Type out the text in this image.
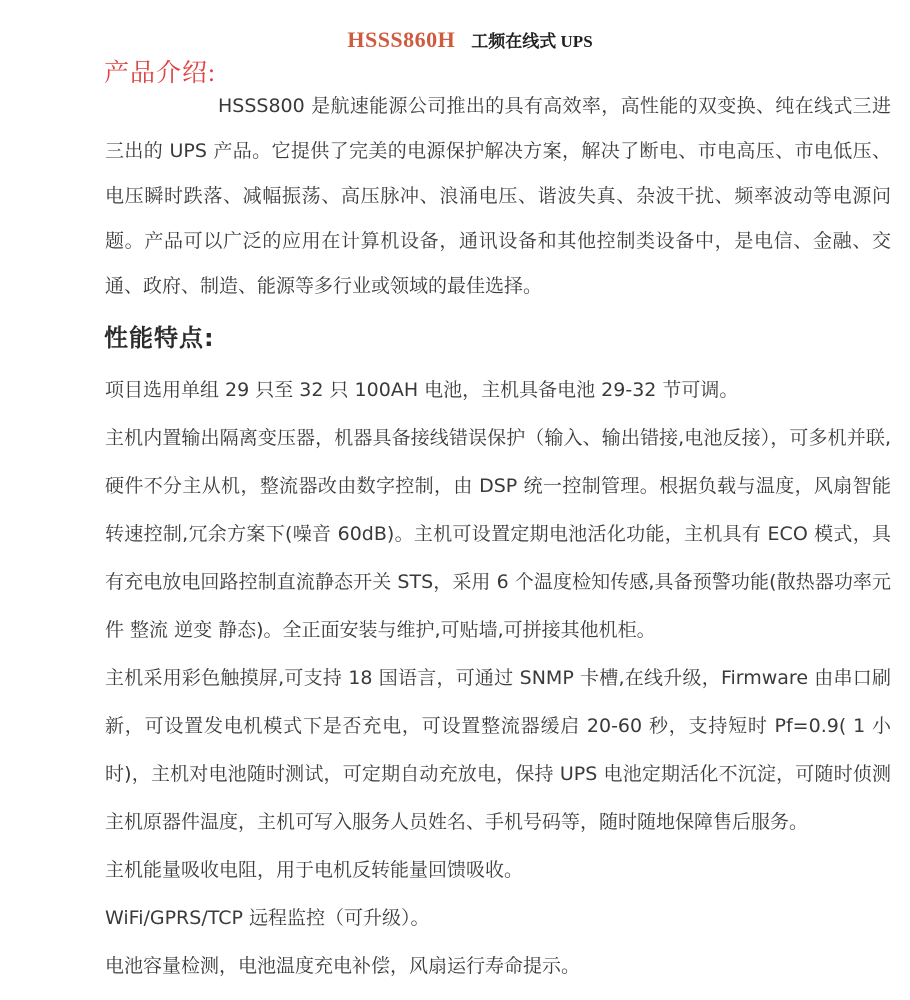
HSSS860H 工频在线式 UPS
产品介绍:

HSSS800 是航速能源公司推出的具有高效率，高性能的双变换、纯在线式三进三出的 UPS 产品。它提供了完美的电源保护解决方案，解决了断电、市电高压、市电低压、电压瞬时跌落、减幅振荡、高压脉冲、浪涌电压、谐波失真、杂波干扰、频率波动等电源问题。产品可以广泛的应用在计算机设备，通讯设备和其他控制类设备中，是电信、金融、交通、政府、制造、能源等多行业或领域的最佳选择。

性能特点:

项目选用单组 29 只至 32 只 100AH 电池，主机具备电池 29-32 节可调。

主机内置输出隔离变压器，机器具备接线错误保护（输入、输出错接,电池反接），可多机并联,硬件不分主从机，整流器改由数字控制，由 DSP 统一控制管理。根据负载与温度，风扇智能转速控制,冗余方案下(噪音 60dB)。主机可设置定期电池活化功能，主机具有 ECO 模式，具有充电放电回路控制直流静态开关 STS，采用 6 个温度检知传感,具备预警功能(散热器功率元件 整流 逆变 静态)。全正面安装与维护,可贴墙,可拼接其他机柜。

主机采用彩色触摸屏,可支持 18 国语言，可通过 SNMP 卡槽,在线升级，Firmware 由串口刷新，可设置发电机模式下是否充电，可设置整流器缓启 20-60 秒，支持短时 Pf=0.9( 1 小时)，主机对电池随时测试，可定期自动充放电，保持 UPS 电池定期活化不沉淀，可随时侦测主机原器件温度，主机可写入服务人员姓名、手机号码等，随时随地保障售后服务。

主机能量吸收电阻，用于电机反转能量回馈吸收。

WiFi/GPRS/TCP 远程监控（可升级）。

电池容量检测，电池温度充电补偿，风扇运行寿命提示。
